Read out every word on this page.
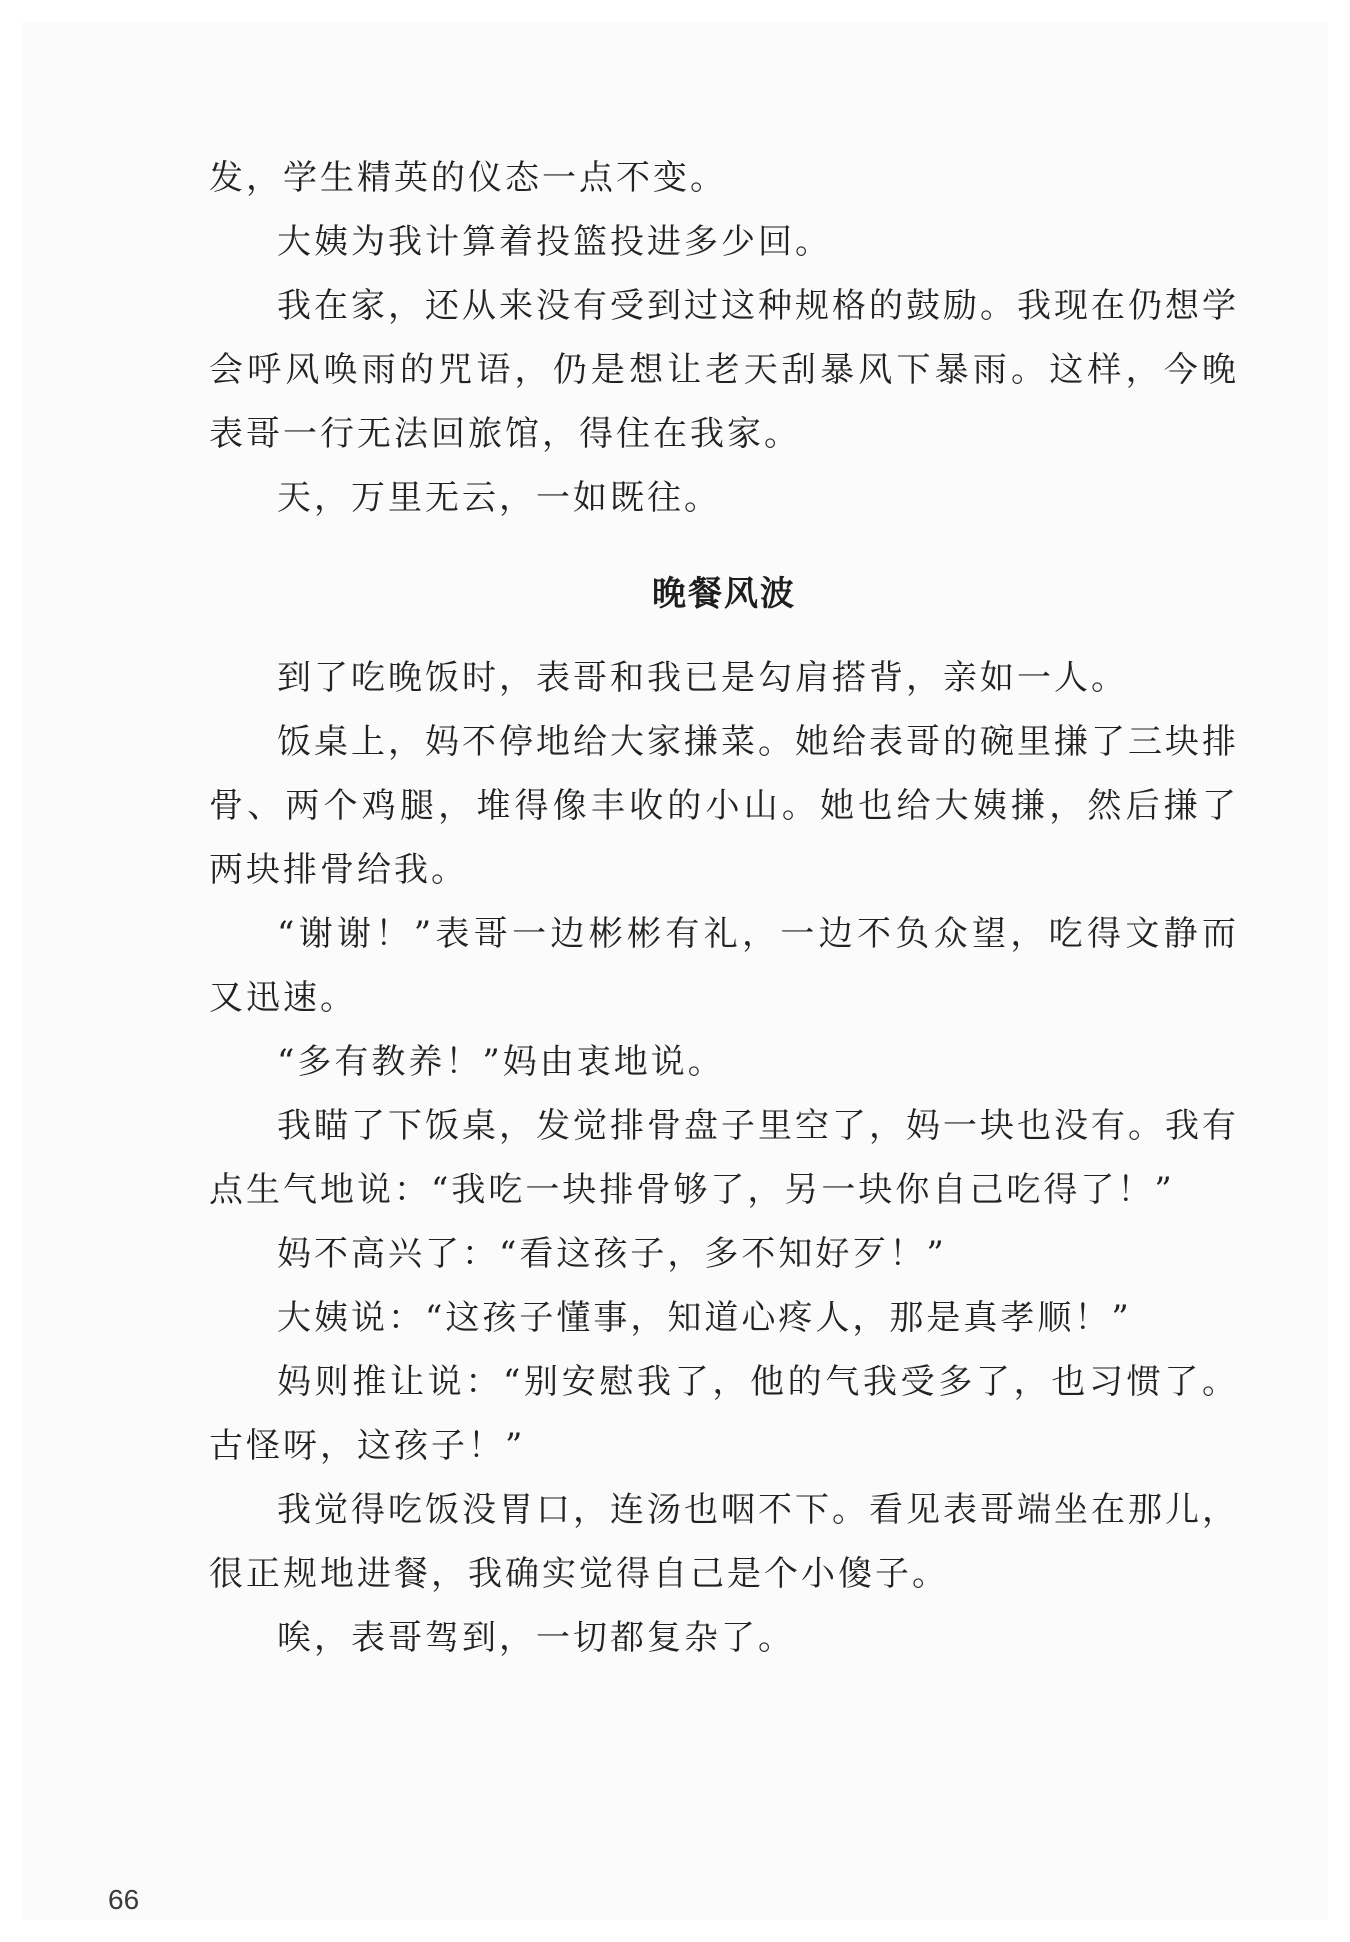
发，学生精英的仪态一点不变。

大姨为我计算着投篮投进多少回。

我在家，还从来没有受到过这种规格的鼓励。我现在仍想学会呼风唤雨的咒语，仍是想让老天刮暴风下暴雨。这样，今晚表哥一行无法回旅馆，得住在我家。

天，万里无云，一如既往。

晚餐风波

到了吃晚饭时，表哥和我已是勾肩搭背，亲如一人。

饭桌上，妈不停地给大家搛菜。她给表哥的碗里搛了三块排骨、两个鸡腿，堆得像丰收的小山。她也给大姨搛，然后搛了两块排骨给我。

“谢谢！”表哥一边彬彬有礼，一边不负众望，吃得文静而又迅速。

“多有教养！”妈由衷地说。

我瞄了下饭桌，发觉排骨盘子里空了，妈一块也没有。我有点生气地说：“我吃一块排骨够了，另一块你自己吃得了！”

妈不高兴了：“看这孩子，多不知好歹！”

大姨说：“这孩子懂事，知道心疼人，那是真孝顺！”

妈则推让说：“别安慰我了，他的气我受多了，也习惯了。古怪呀，这孩子！”

我觉得吃饭没胃口，连汤也咽不下。看见表哥端坐在那儿，很正规地进餐，我确实觉得自己是个小傻子。

唉，表哥驾到，一切都复杂了。

66
